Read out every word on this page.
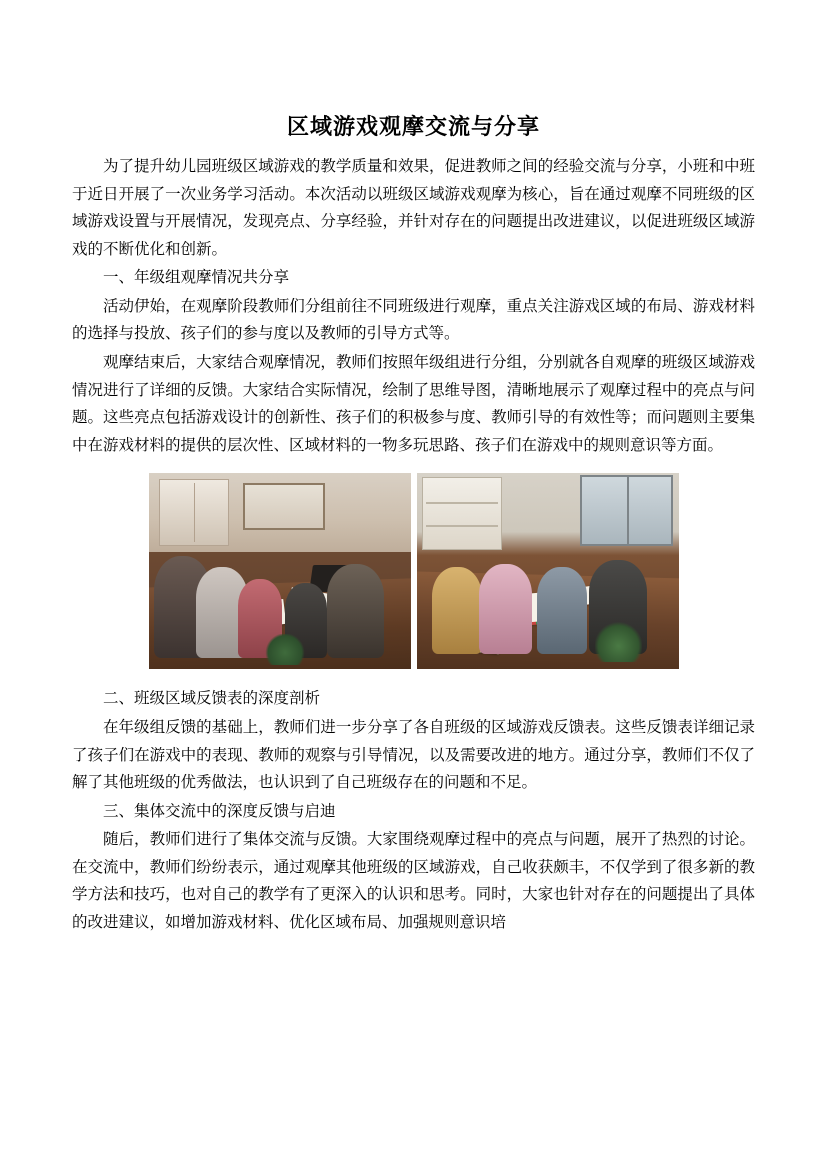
区域游戏观摩交流与分享

为了提升幼儿园班级区域游戏的教学质量和效果，促进教师之间的经验交流与分享，小班和中班于近日开展了一次业务学习活动。本次活动以班级区域游戏观摩为核心，旨在通过观摩不同班级的区域游戏设置与开展情况，发现亮点、分享经验，并针对存在的问题提出改进建议，以促进班级区域游戏的不断优化和创新。

一、年级组观摩情况共分享

活动伊始，在观摩阶段教师们分组前往不同班级进行观摩，重点关注游戏区域的布局、游戏材料的选择与投放、孩子们的参与度以及教师的引导方式等。

观摩结束后，大家结合观摩情况，教师们按照年级组进行分组，分别就各自观摩的班级区域游戏情况进行了详细的反馈。大家结合实际情况，绘制了思维导图，清晰地展示了观摩过程中的亮点与问题。这些亮点包括游戏设计的创新性、孩子们的积极参与度、教师引导的有效性等；而问题则主要集中在游戏材料的提供的层次性、区域材料的一物多玩思路、孩子们在游戏中的规则意识等方面。

二、班级区域反馈表的深度剖析

在年级组反馈的基础上，教师们进一步分享了各自班级的区域游戏反馈表。这些反馈表详细记录了孩子们在游戏中的表现、教师的观察与引导情况，以及需要改进的地方。通过分享，教师们不仅了解了其他班级的优秀做法，也认识到了自己班级存在的问题和不足。

三、集体交流中的深度反馈与启迪

随后，教师们进行了集体交流与反馈。大家围绕观摩过程中的亮点与问题，展开了热烈的讨论。在交流中，教师们纷纷表示，通过观摩其他班级的区域游戏，自己收获颇丰，不仅学到了很多新的教学方法和技巧，也对自己的教学有了更深入的认识和思考。同时，大家也针对存在的问题提出了具体的改进建议，如增加游戏材料、优化区域布局、加强规则意识培
